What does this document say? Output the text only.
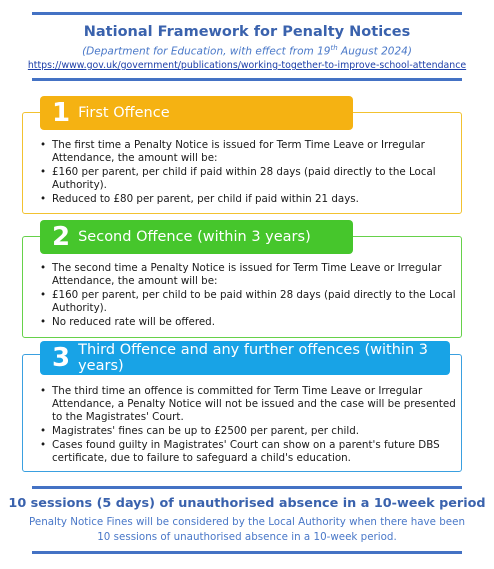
National Framework for Penalty Notices
(Department for Education, with effect from 19th August 2024)
https://www.gov.uk/government/publications/working-together-to-improve-school-attendance
1 First Offence
• The first time a Penalty Notice is issued for Term Time Leave or Irregular Attendance, the amount will be:
• £160 per parent, per child if paid within 28 days (paid directly to the Local Authority).
• Reduced to £80 per parent, per child if paid within 21 days.
2 Second Offence (within 3 years)
• The second time a Penalty Notice is issued for Term Time Leave or Irregular Attendance, the amount will be:
• £160 per parent, per child to be paid within 28 days (paid directly to the Local Authority).
• No reduced rate will be offered.
3 Third Offence and any further offences (within 3 years)
• The third time an offence is committed for Term Time Leave or Irregular Attendance, a Penalty Notice will not be issued and the case will be presented to the Magistrates' Court.
• Magistrates' fines can be up to £2500 per parent, per child.
• Cases found guilty in Magistrates' Court can show on a parent's future DBS certificate, due to failure to safeguard a child's education.
10 sessions (5 days) of unauthorised absence in a 10-week period
Penalty Notice Fines will be considered by the Local Authority when there have been
10 sessions of unauthorised absence in a 10-week period.
